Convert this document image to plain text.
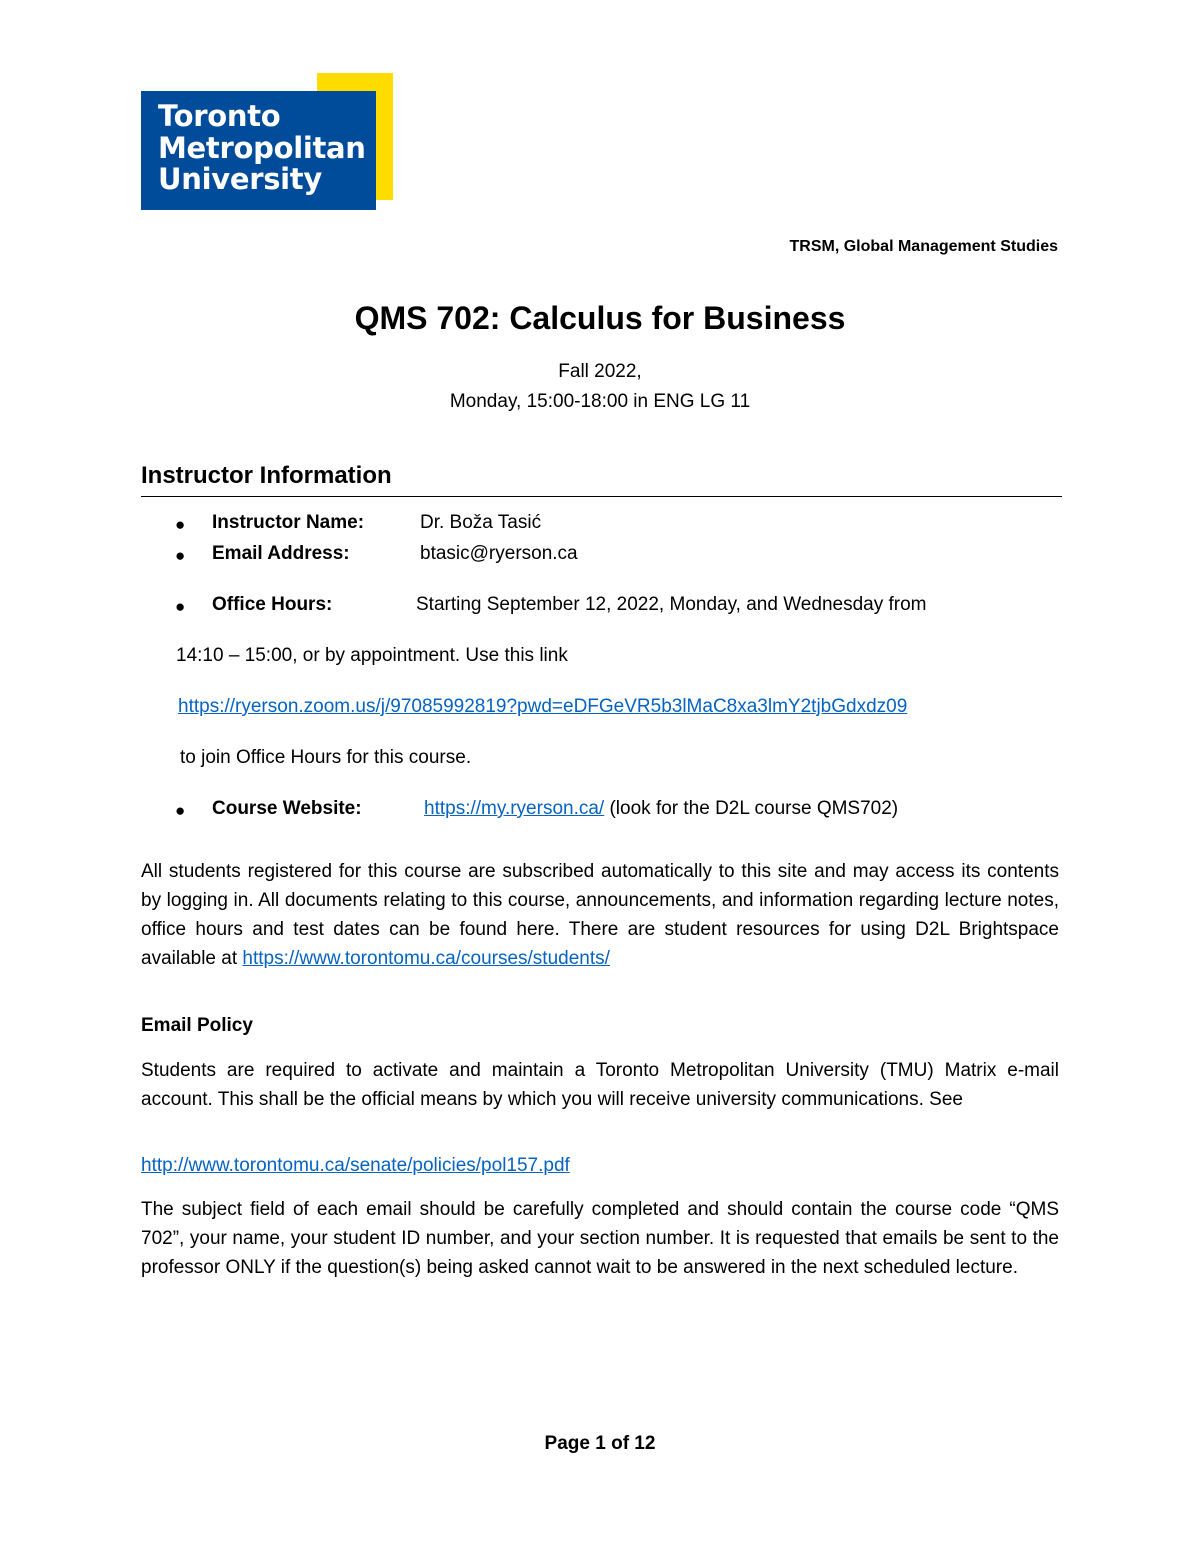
Toronto
Metropolitan
University
TRSM, Global Management Studies
QMS 702: Calculus for Business
Fall 2022,
Monday, 15:00-18:00 in ENG LG 11
Instructor Information
● Instructor Name:	Dr. Boža Tasić
● Email Address:	btasic@ryerson.ca
● Office Hours:	Starting September 12, 2022, Monday, and Wednesday from
14:10 – 15:00, or by appointment. Use this link
https://ryerson.zoom.us/j/97085992819?pwd=eDFGeVR5b3lMaC8xa3lmY2tjbGdxdz09
to join Office Hours for this course.
● Course Website:	https://my.ryerson.ca/ (look for the D2L course QMS702)

All students registered for this course are subscribed automatically to this site and may access its contents by logging in. All documents relating to this course, announcements, and information regarding lecture notes, office hours and test dates can be found here. There are student resources for using D2L Brightspace available at https://www.torontomu.ca/courses/students/

Email Policy

Students are required to activate and maintain a Toronto Metropolitan University (TMU) Matrix e-mail account. This shall be the official means by which you will receive university communications. See

http://www.torontomu.ca/senate/policies/pol157.pdf

The subject field of each email should be carefully completed and should contain the course code “QMS 702”, your name, your student ID number, and your section number. It is requested that emails be sent to the professor ONLY if the question(s) being asked cannot wait to be answered in the next scheduled lecture.

Page 1 of 12
